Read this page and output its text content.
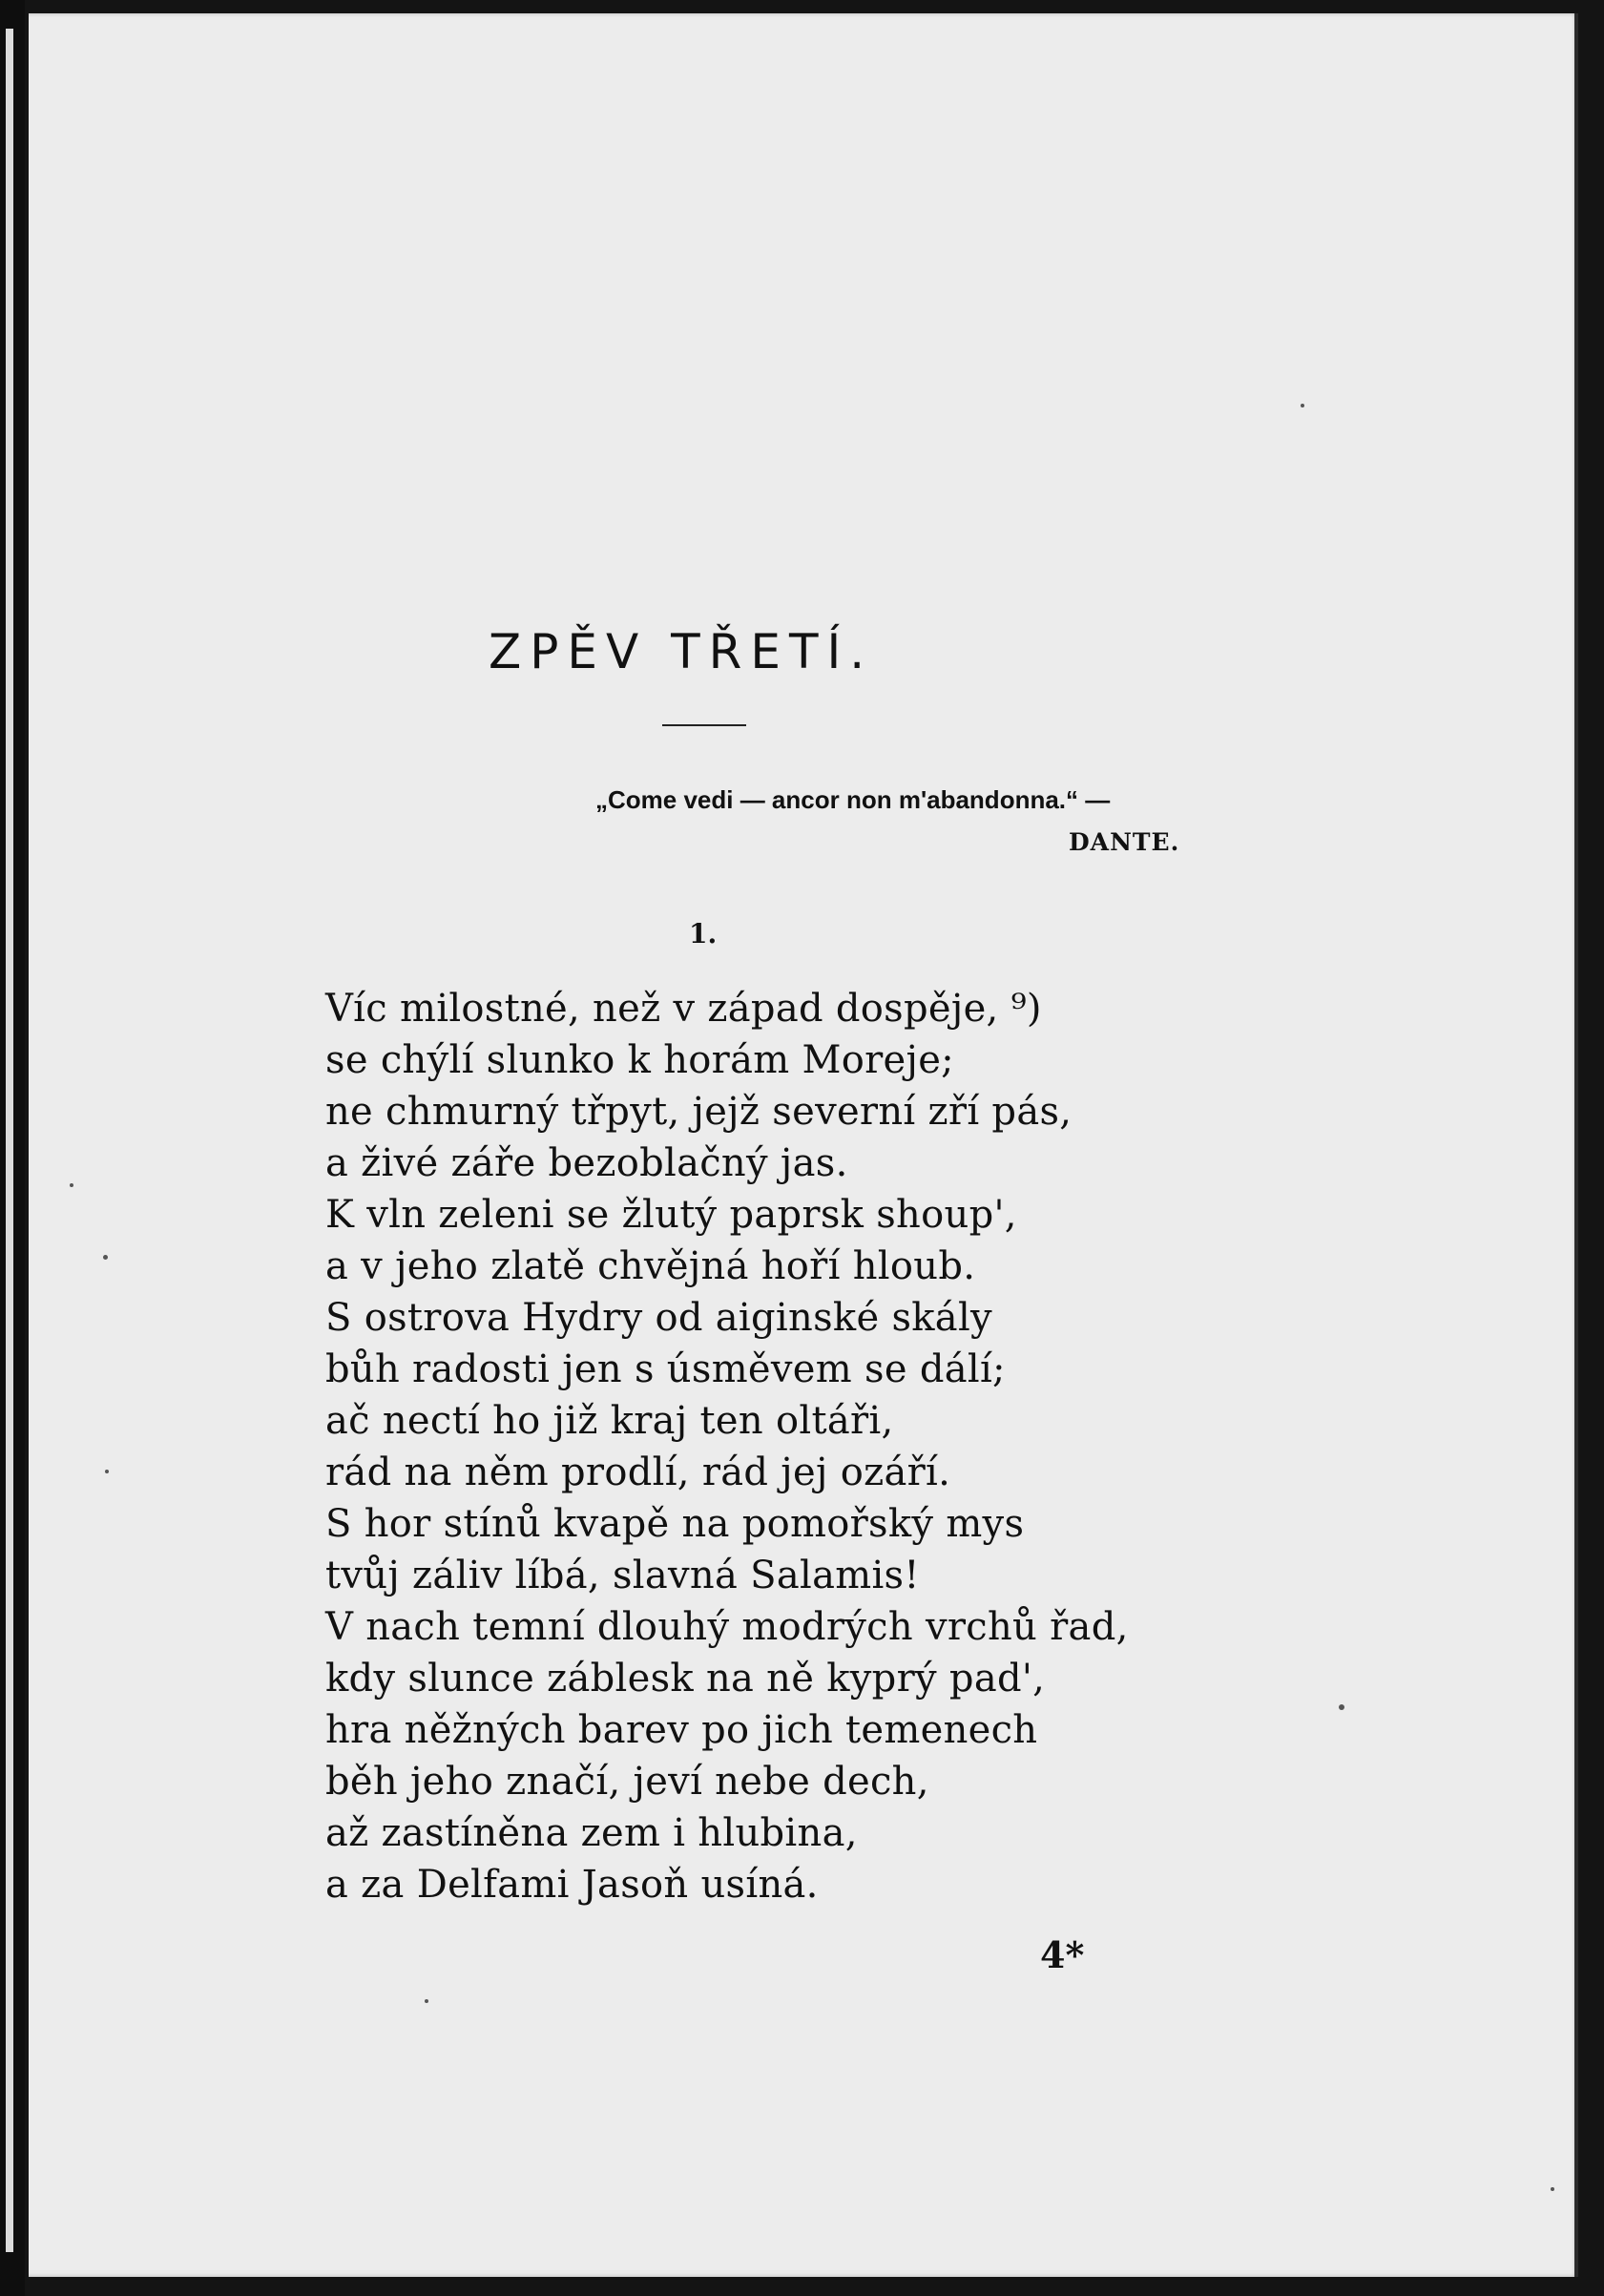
ZPĚV TŘETÍ.
„Come vedi — ancor non m'abandonna.“ —
DANTE.
1.
Víc milostné, než v západ dospěje, ⁹)
se chýlí slunko k horám Moreje;
ne chmurný třpyt, jejž severní zří pás,
a živé záře bezoblačný jas.
K vln zeleni se žlutý paprsk shoup',
a v jeho zlatě chvějná hoří hloub.
S ostrova Hydry od aiginské skály
bůh radosti jen s úsměvem se dálí;
ač nectí ho již kraj ten oltáři,
rád na něm prodlí, rád jej ozáří.
S hor stínů kvapě na pomořský mys
tvůj záliv líbá, slavná Salamis!
V nach temní dlouhý modrých vrchů řad,
kdy slunce záblesk na ně kyprý pad',
hra něžných barev po jich temenech
běh jeho značí, jeví nebe dech,
až zastíněna zem i hlubina,
a za Delfami Jasoň usíná.
4*
